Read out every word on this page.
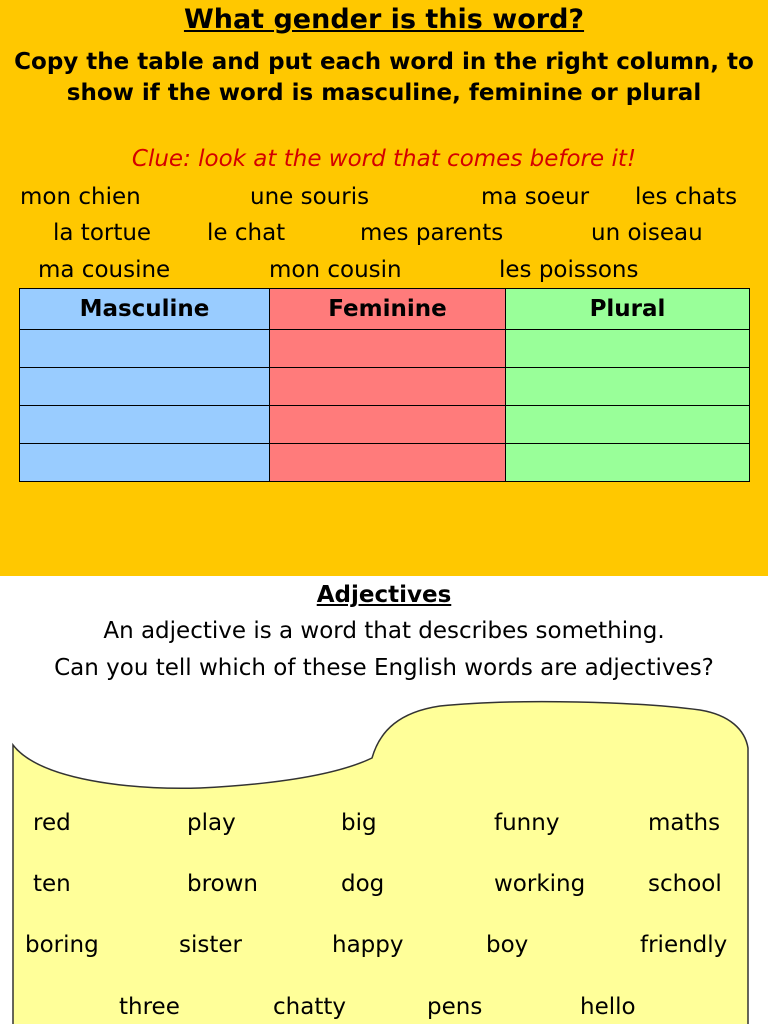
What gender is this word?
Copy the table and put each word in the right column, to show if the word is masculine, feminine or plural
Clue: look at the word that comes before it!
mon chien	une souris	ma soeur les chats
la tortue le chat	mes parents	un oiseau
ma cousine	mon cousin	les poissons
Masculine	Feminine	Plural

Adjectives
An adjective is a word that describes something.
Can you tell which of these English words are adjectives?
red	play	big	funny	maths
ten	brown	dog	working	school
boring	sister	happy	boy	friendly
three	chatty	pens	hello
